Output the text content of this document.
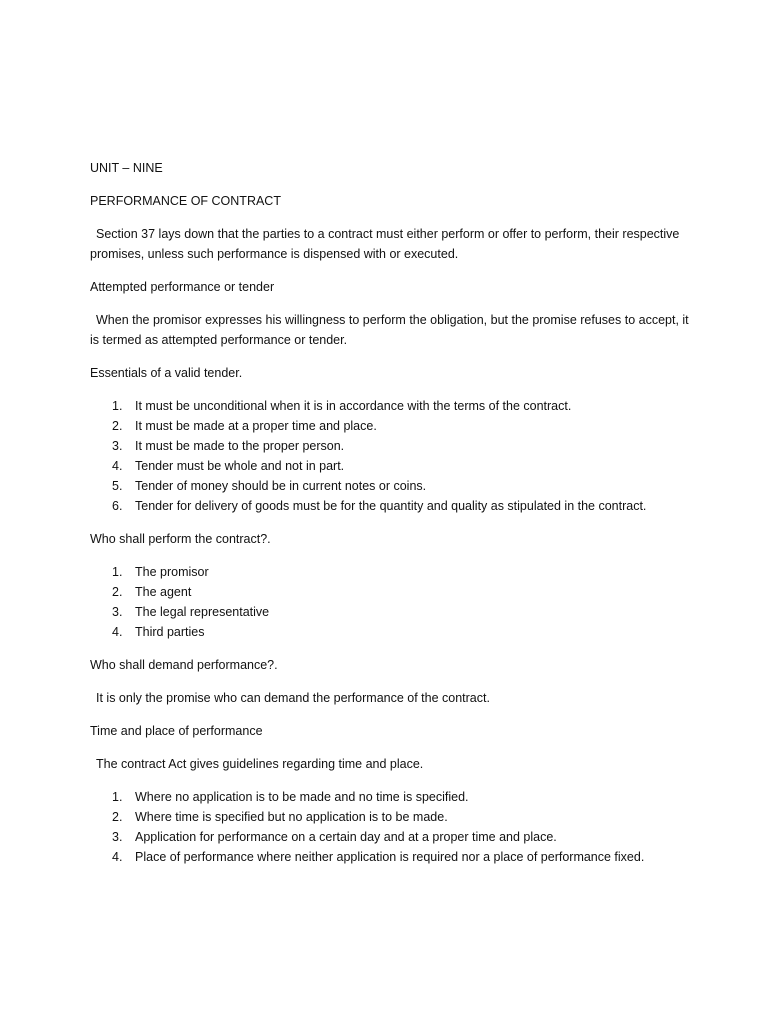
UNIT – NINE

PERFORMANCE OF CONTRACT

Section 37 lays down that the parties to a contract must either perform or offer to perform, their respective promises, unless such performance is dispensed with or executed.

Attempted performance or tender

When the promisor expresses his willingness to perform the obligation, but the promise refuses to accept, it is termed as attempted performance or tender.

Essentials of a valid tender.

1. It must be unconditional when it is in accordance with the terms of the contract.
2. It must be made at a proper time and place.
3. It must be made to the proper person.
4. Tender must be whole and not in part.
5. Tender of money should be in current notes or coins.
6. Tender for delivery of goods must be for the quantity and quality as stipulated in the contract.

Who shall perform the contract?.

1. The promisor
2. The agent
3. The legal representative
4. Third parties

Who shall demand performance?.

It is only the promise who can demand the performance of the contract.

Time and place of performance

The contract Act gives guidelines regarding time and place.

1. Where no application is to be made and no time is specified.
2. Where time is specified but no application is to be made.
3. Application for performance on a certain day and at a proper time and place.
4. Place of performance where neither application is required nor a place of performance fixed.
